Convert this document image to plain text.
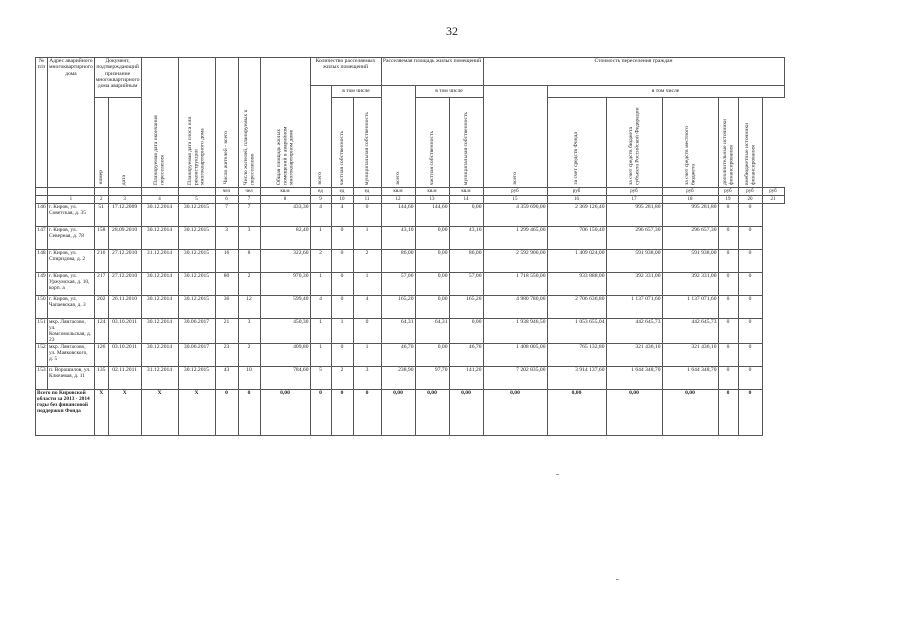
32
№ п/п	Адрес аварийного многоквартирного дома	Документ, подтверждающий признание многоквартирного дома аварийным		Планируемая дата окончания переселения	Планируемая дата сноса или реконструкции многоквартирного дома	Число жителей - всего	Число жителей, планируемых к переселению	Общая площадь жилых помещений в аварийном многоквартирном доме	Количество расселяемых жилых помещений			Расселяемая площадь жилых помещений			Стоимость переселения граждан						
									всего	в том числе		всего	в том числе		всего	в том числе					
		номер	дата							частная собственность	муниципальная собственность		частная собственность	муниципальная собственность		за счет средств Фонда	за счет средств бюджета субъекта Российской Федерации	за счет средств местного бюджета	дополнительные источники финансирования	внебюджетные источники финансирования	

						чел	чел	кв.м	ед	ед	ед	кв.м	кв.м	кв.м	руб	руб	руб	руб	руб	руб	руб
	1	2	3	4	5	6	7	8	9	10	11	12	13	14	15	16	17	18	19	20	21
146	г. Киров, ул. Советская, д. 35	51	17.12.2009	30.12.2014	30.12.2015	7	7	433,30	4	4	0	144,60	144,60	0,00	4 359 690,00	2 369 126,40	995 281,80	995 281,80	0	0	
147	г. Киров, ул. Северная, д. 78	158	28.09.2010	30.12.2014	30.12.2015	3	3	82,40	1	0	1	43,10	0,00	43,10	1 299 465,00	706 150,40	296 657,30	296 657,30	0	0	
148	г. Киров, ул. Спиридова, д. 2	216	27.12.2010	31.12.2014	30.12.2015	16	8	322,60	2	0	2	86,00	0,00	86,00	2 592 900,00	1 409 024,00	591 938,00	591 938,00	0	0	
149	г. Киров, ул. Уржумская, д. 10, корп. а	217	27.12.2010	30.12.2014	30.12.2015	80	2	970,30	1	0	1	57,00	0,00	57,00	1 718 550,00	933 888,00	392 331,00	392 331,00	0	0	
150	г. Киров, ул. Чапаевская, д. 3	202	26.11.2010	30.12.2014	30.12.2015	36	12	599,40	4	0	4	165,20	0,00	165,20	4 980 780,00	2 706 636,80	1 137 071,60	1 137 071,60	0	0	
151	мкр. Лянгасово, ул. Комсомольская, д. 23	124	03.10.2011	30.12.2014	30.06.2017	21	3	450,30	1	1	0	64,31	64,31	0,00	1 938 946,50	1 053 655,04	442 645,73	442 645,73	0	0	
152	мкр. Лянгасово, ул. Маяковского, д. 5	126	03.10.2011	30.12.2014	30.06.2017	23	2	409,80	1	0	1	46,70	0,00	46,70	1 408 005,00	765 132,80	321 436,10	321 436,10	0	0	
153	п. Ворошилов, ул. Ключевая, д. 11	135	02.11.2011	31.12.2014	30.12.2015	43	10	784,60	5	2	3	238,90	97,70	141,20	7 202 835,00	3 914 137,60	1 644 348,70	1 644 348,70	0	0	
Всего по Кировской области за 2013 - 2014 годы без финансовой поддержки Фонда		X	X	X	X	0	0	0,00	0	0	0	0,00	0,00	0,00	0,00	0,00	0,00	0,00	0	0	
